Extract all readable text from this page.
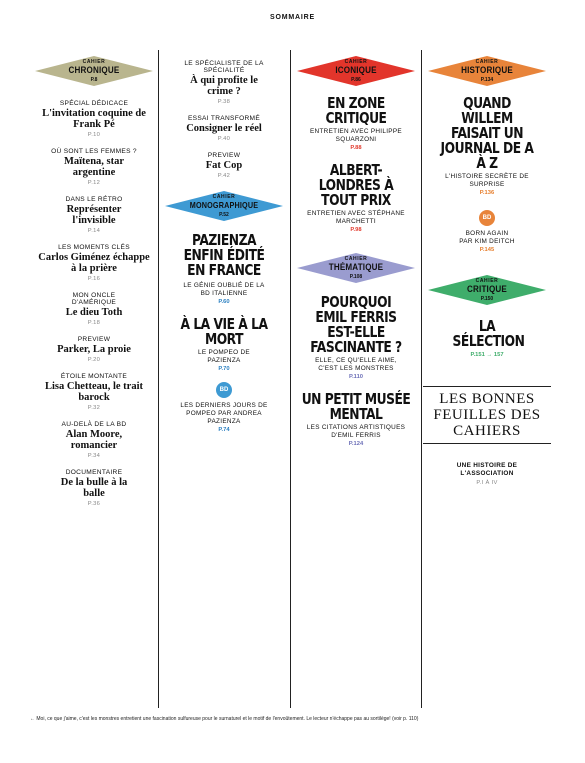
SOMMAIRE
CAHIER
CHRONIQUE
P.8
SPÉCIAL DÉDICACE
L'invitation coquine de Frank Pé
P.10
OÙ SONT LES FEMMES ?
Maïtena, star argentine
P.12
DANS LE RÉTRO
Représenter l'invisible
P.14
LES MOMENTS CLÉS
Carlos Giménez échappe à la prière
P.16
MON ONCLE D'AMÉRIQUE
Le dieu Toth
P.18
PREVIEW
Parker, La proie
P.20
ÉTOILE MONTANTE
Lisa Chetteau, le trait barock
P.32
AU-DELÀ DE LA BD
Alan Moore, romancier
P.34
DOCUMENTAIRE
De la bulle à la balle
P.36
LE SPÉCIALISTE DE LA SPÉCIALITÉ
À qui profite le crime ?
P.38
ESSAI TRANSFORMÉ
Consigner le réel
P.40
PREVIEW
Fat Cop
P.42
CAHIER
MONOGRAPHIQUE
P.52
PAZIENZA ENFIN ÉDITÉ EN FRANCE
LE GÉNIE OUBLIÉ DE LA BD ITALIENNE
P.60
À LA VIE À LA MORT
LE POMPEO DE PAZIENZA
P.70
BD
LES DERNIERS JOURS DE POMPEO PAR ANDREA PAZIENZA
P.74
CAHIER
ICONIQUE
P.86
EN ZONE CRITIQUE
ENTRETIEN AVEC PHILIPPE SQUARZONI
P.88
ALBERT-LONDRES À TOUT PRIX
ENTRETIEN AVEC STÉPHANE MARCHETTI
P.98
CAHIER
THÉMATIQUE
P.108
POURQUOI EMIL FERRIS EST-ELLE FASCINANTE ?
ELLE, CE QU'ELLE AIME, C'EST LES MONSTRES
P.110
UN PETIT MUSÉE MENTAL
LES CITATIONS ARTISTIQUES D'EMIL FERRIS
P.124
CAHIER
HISTORIQUE
P.134
QUAND WILLEM FAISAIT UN JOURNAL DE A À Z
L'HISTOIRE SECRÈTE DE SURPRISE
P.136
BD
BORN AGAIN PAR KIM DEITCH
P.145
CAHIER
CRITIQUE
P.150
LA SÉLECTION
P.151 → 157
LES BONNES FEUILLES DES CAHIERS
UNE HISTOIRE DE L'ASSOCIATION
P.I À IV
← Moi, ce que j'aime, c'est les monstres entretient une fascination sulfureuse pour le surnaturel et le motif de l'envoûtement. Le lecteur n'échappe pas au sortilège! (voir p. 110)
